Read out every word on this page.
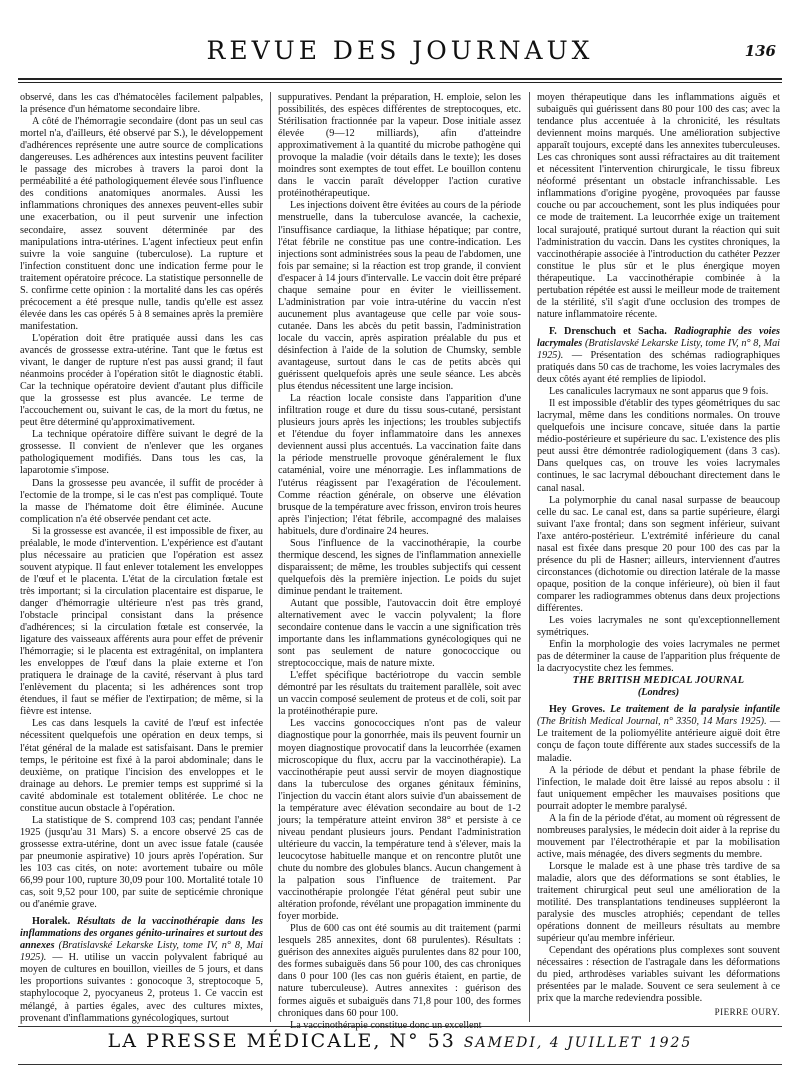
REVUE DES JOURNAUX	136

observé, dans les cas d'hématocèles facilement palpables, la présence d'un hématome secondaire libre.

A côté de l'hémorragie secondaire (dont pas un seul cas mortel n'a, d'ailleurs, été observé par S.), le développement d'adhérences représente une autre source de complications dangereuses. Les adhérences aux intestins peuvent faciliter le passage des microbes à travers la paroi dont la perméabilité a été pathologiquement élevée sous l'influence des conditions anatomiques anormales. Aussi les inflammations chroniques des annexes peuvent-elles subir une exacerbation, ou il peut survenir une infection secondaire, assez souvent déterminée par des manipulations intra-utérines. L'agent infectieux peut enfin suivre la voie sanguine (tuberculose). La rupture et l'infection constituent donc une indication ferme pour le traitement opératoire précoce. La statistique personnelle de S. confirme cette opinion : la mortalité dans les cas opérés précocement a été presque nulle, tandis qu'elle est assez élevée dans les cas opérés 5 à 8 semaines après la première manifestation.

L'opération doit être pratiquée aussi dans les cas avancés de grossesse extra-utérine. Tant que le fœtus est vivant, le danger de rupture n'est pas aussi grand; il faut néanmoins procéder à l'opération sitôt le diagnostic établi. Car la technique opératoire devient d'autant plus difficile que la grossesse est plus avancée. Le terme de l'accouchement ou, suivant le cas, de la mort du fœtus, ne peut être déterminé qu'approximativement.

La technique opératoire diffère suivant le degré de la grossesse. Il convient de n'enlever que les organes pathologiquement modifiés. Dans tous les cas, la laparotomie s'impose.

Dans la grossesse peu avancée, il suffit de procéder à l'ectomie de la trompe, si le cas n'est pas compliqué. Toute la masse de l'hématome doit être éliminée. Aucune complication n'a été observée pendant cet acte.

Si la grossesse est avancée, il est impossible de fixer, au préalable, le mode d'intervention. L'expérience est d'autant plus nécessaire au praticien que l'opération est assez souvent atypique. Il faut enlever totalement les enveloppes de l'œuf et le placenta. L'état de la circulation fœtale est très important; si la circulation placentaire est disparue, le danger d'hémorragie ultérieure n'est pas très grand, l'obstacle principal consistant dans la présence d'adhérences; si la circulation fœtale est conservée, la ligature des vaisseaux afférents aura pour effet de prévenir l'hémorragie; si le placenta est extragénital, on implantera les enveloppes de l'œuf dans la plaie externe et l'on pratiquera le drainage de la cavité, réservant à plus tard l'enlèvement du placenta; si les adhérences sont trop étendues, il faut se méfier de l'extirpation; de même, si la fièvre est intense.

Les cas dans lesquels la cavité de l'œuf est infectée nécessitent quelquefois une opération en deux temps, si l'état général de la malade est satisfaisant. Dans le premier temps, le péritoine est fixé à la paroi abdominale; dans le deuxième, on pratique l'incision des enveloppes et le drainage au dehors. Le premier temps est supprimé si la cavité abdominale est totalement oblitérée. Le choc ne constitue aucun obstacle à l'opération.

La statistique de S. comprend 103 cas; pendant l'année 1925 (jusqu'au 31 Mars) S. a encore observé 25 cas de grossesse extra-utérine, dont un avec issue fatale (causée par pneumonie aspirative) 10 jours après l'opération. Sur les 103 cas cités, on note: avortement tubaire ou môle 66,99 pour 100, rupture 30,09 pour 100. Mortalité totale 10 cas, soit 9,52 pour 100, par suite de septicémie chronique ou d'anémie grave.

Horalek. Résultats de la vaccinothérapie dans les inflammations des organes génito-urinaires et surtout des annexes (Bratislavské Lekarske Listy, tome IV, n° 8, Mai 1925). — H. utilise un vaccin polyvalent fabriqué au moyen de cultures en bouillon, vieilles de 5 jours, et dans les proportions suivantes : gonocoque 3, streptocoque 5, staphylocoque 2, pyocyaneus 2, proteus 1. Ce vaccin est mélangé, à parties égales, avec des cultures mixtes, provenant d'inflammations gynécologiques, surtout

suppuratives. Pendant la préparation, H. emploie, selon les possibilités, des espèces différentes de streptocoques, etc. Stérilisation fractionnée par la vapeur. Dose initiale assez élevée (9—12 milliards), afin d'atteindre approximativement à la quantité du microbe pathogène qui provoque la maladie (voir détails dans le texte); les doses moindres sont exemptes de tout effet. Le bouillon contenu dans le vaccin paraît développer l'action curative protéinothérapeutique.

Les injections doivent être évitées au cours de la période menstruelle, dans la tuberculose avancée, la cachexie, l'insuffisance cardiaque, la lithiase hépatique; par contre, l'état fébrile ne constitue pas une contre-indication. Les injections sont administrées sous la peau de l'abdomen, une fois par semaine; si la réaction est trop grande, il convient d'espacer à 14 jours d'intervalle. Le vaccin doit être préparé chaque semaine pour en éviter le vieillissement. L'administration par voie intra-utérine du vaccin n'est aucunement plus avantageuse que celle par voie sous-cutanée. Dans les abcès du petit bassin, l'administration locale du vaccin, après aspiration préalable du pus et désinfection à l'aide de la solution de Chumsky, semble avantageuse, surtout dans le cas de petits abcès qui guérissent quelquefois après une seule séance. Les abcès plus étendus nécessitent une large incision.

La réaction locale consiste dans l'apparition d'une infiltration rouge et dure du tissu sous-cutané, persistant plusieurs jours après les injections; les troubles subjectifs et l'étendue du foyer inflammatoire dans les annexes deviennent aussi plus accentués. La vaccination faite dans la période menstruelle provoque généralement le flux cataménial, voire une ménorragie. Les inflammations de l'utérus réagissent par l'exagération de l'écoulement. Comme réaction générale, on observe une élévation brusque de la température avec frisson, environ trois heures après l'injection; l'état fébrile, accompagné des malaises habituels, dure d'ordinaire 24 heures.

Sous l'influence de la vaccinothérapie, la courbe thermique descend, les signes de l'inflammation annexielle disparaissent; de même, les troubles subjectifs qui cessent quelquefois dès la première injection. Le poids du sujet diminue pendant le traitement.

Autant que possible, l'autovaccin doit être employé alternativement avec le vaccin polyvalent; la flore secondaire contenue dans le vaccin a une signification très importante dans les inflammations gynécologiques qui ne sont pas seulement de nature gonococcique ou streptococcique, mais de nature mixte.

L'effet spécifique bactériotrope du vaccin semble démontré par les résultats du traitement parallèle, soit avec un vaccin composé seulement de proteus et de coli, soit par la protéinothérapie pure.

Les vaccins gonococciques n'ont pas de valeur diagnostique pour la gonorrhée, mais ils peuvent fournir un moyen diagnostique provocatif dans la leucorrhée (examen microscopique du flux, accru par la vaccinothérapie). La vaccinothérapie peut aussi servir de moyen diagnostique dans la tuberculose des organes génitaux féminins, l'injection du vaccin étant alors suivie d'un abaissement de la température avec élévation secondaire au bout de 1-2 jours; la température atteint environ 38° et persiste à ce niveau pendant plusieurs jours. Pendant l'administration ultérieure du vaccin, la température tend à s'élever, mais la leucocytose habituelle manque et on rencontre plutôt une chute du nombre des globules blancs. Aucun changement à la palpation sous l'influence de traitement. Par vaccinothérapie prolongée l'état général peut subir une altération profonde, révélant une propagation imminente du foyer morbide.

Plus de 600 cas ont été soumis au dit traitement (parmi lesquels 285 annexites, dont 68 purulentes). Résultats : guérison des annexites aiguës purulentes dans 82 pour 100, des formes subaiguës dans 56 pour 100, des cas chroniques dans 0 pour 100 (les cas non guéris étaient, en partie, de nature tuberculeuse). Autres annexites : guérison des formes aiguës et subaiguës dans 71,8 pour 100, des formes chroniques dans 60 pour 100.

La vaccinothérapie constitue donc un excellent

moyen thérapeutique dans les inflammations aiguës et subaiguës qui guérissent dans 80 pour 100 des cas; avec la tendance plus accentuée à la chronicité, les résultats deviennent moins marqués. Une amélioration subjective apparaît toujours, excepté dans les annexites tuberculeuses. Les cas chroniques sont aussi réfractaires au dit traitement et nécessitent l'intervention chirurgicale, le tissu fibreux néoformé présentant un obstacle infranchissable. Les inflammations d'origine pyogène, provoquées par fausse couche ou par accouchement, sont les plus indiquées pour ce mode de traitement. La leucorrhée exige un traitement local surajouté, pratiqué surtout durant la réaction qui suit l'administration du vaccin. Dans les cystites chroniques, la vaccinothérapie associée à l'introduction du cathéter Pezzer constitue le plus sûr et le plus énergique moyen thérapeutique. La vaccinothérapie combinée à la pertubation répétée est aussi le meilleur mode de traitement de la stérilité, s'il s'agit d'une occlusion des trompes de nature inflammatoire récente.

F. Drenschuch et Sacha. Radiographie des voies lacrymales (Bratislavské Lekarske Listy, tome IV, n° 8, Mai 1925). — Présentation des schémas radiographiques pratiqués dans 50 cas de trachome, les voies lacrymales des deux côtés ayant été remplies de lipiodol.

Les canalicules lacrymaux ne sont apparus que 9 fois.

Il est impossible d'établir des types géométriques du sac lacrymal, même dans les conditions normales. On trouve quelquefois une incisure concave, située dans la partie médio-postérieure et supérieure du sac. L'existence des plis peut aussi être démontrée radiologiquement (dans 3 cas). Dans quelques cas, on trouve les voies lacrymales continues, le sac lacrymal débouchant directement dans le canal nasal.

La polymorphie du canal nasal surpasse de beaucoup celle du sac. Le canal est, dans sa partie supérieure, élargi suivant l'axe frontal; dans son segment inférieur, suivant l'axe antéro-postérieur. L'extrémité inférieure du canal nasal est fixée dans presque 20 pour 100 des cas par la présence du pli de Hasner; ailleurs, interviennent d'autres circonstances (dichotomie ou direction latérale de la masse opaque, position de la conque inférieure), où bien il faut comparer les radiogrammes obtenus dans deux projections différentes.

Les voies lacrymales ne sont qu'exceptionnellement symétriques.

Enfin la morphologie des voies lacrymales ne permet pas de déterminer la cause de l'apparition plus fréquente de la dacryocystite chez les femmes.

THE BRITISH MEDICAL JOURNAL

(Londres)

Hey Groves. Le traitement de la paralysie infantile (The British Medical Journal, n° 3350, 14 Mars 1925). — Le traitement de la poliomyélite antérieure aiguë doit être conçu de façon toute différente aux stades successifs de la maladie.

A la période de début et pendant la phase fébrile de l'infection, le malade doit être laissé au repos absolu : il faut uniquement empêcher les mauvaises positions que pourrait adopter le membre paralysé.

A la fin de la période d'état, au moment où régressent de nombreuses paralysies, le médecin doit aider à la reprise du mouvement par l'électrothérapie et par la mobilisation active, mais ménagée, des divers segments du membre.

Lorsque le malade est à une phase très tardive de sa maladie, alors que des déformations se sont établies, le traitement chirurgical peut seul une amélioration de la motilité. Des transplantations tendineuses suppléeront la paralysie des muscles atrophiés; cependant de telles opérations donnent de meilleurs résultats au membre supérieur qu'au membre inférieur.

Cependant des opérations plus complexes sont souvent nécessaires : résection de l'astragale dans les déformations du pied, arthrodèses variables suivant les déformations présentées par le malade. Souvent ce sera seulement à ce prix que la marche redeviendra possible.

PIERRE OURY.

LA PRESSE MÉDICALE, N° 53 SAMEDI, 4 JUILLET 1925
